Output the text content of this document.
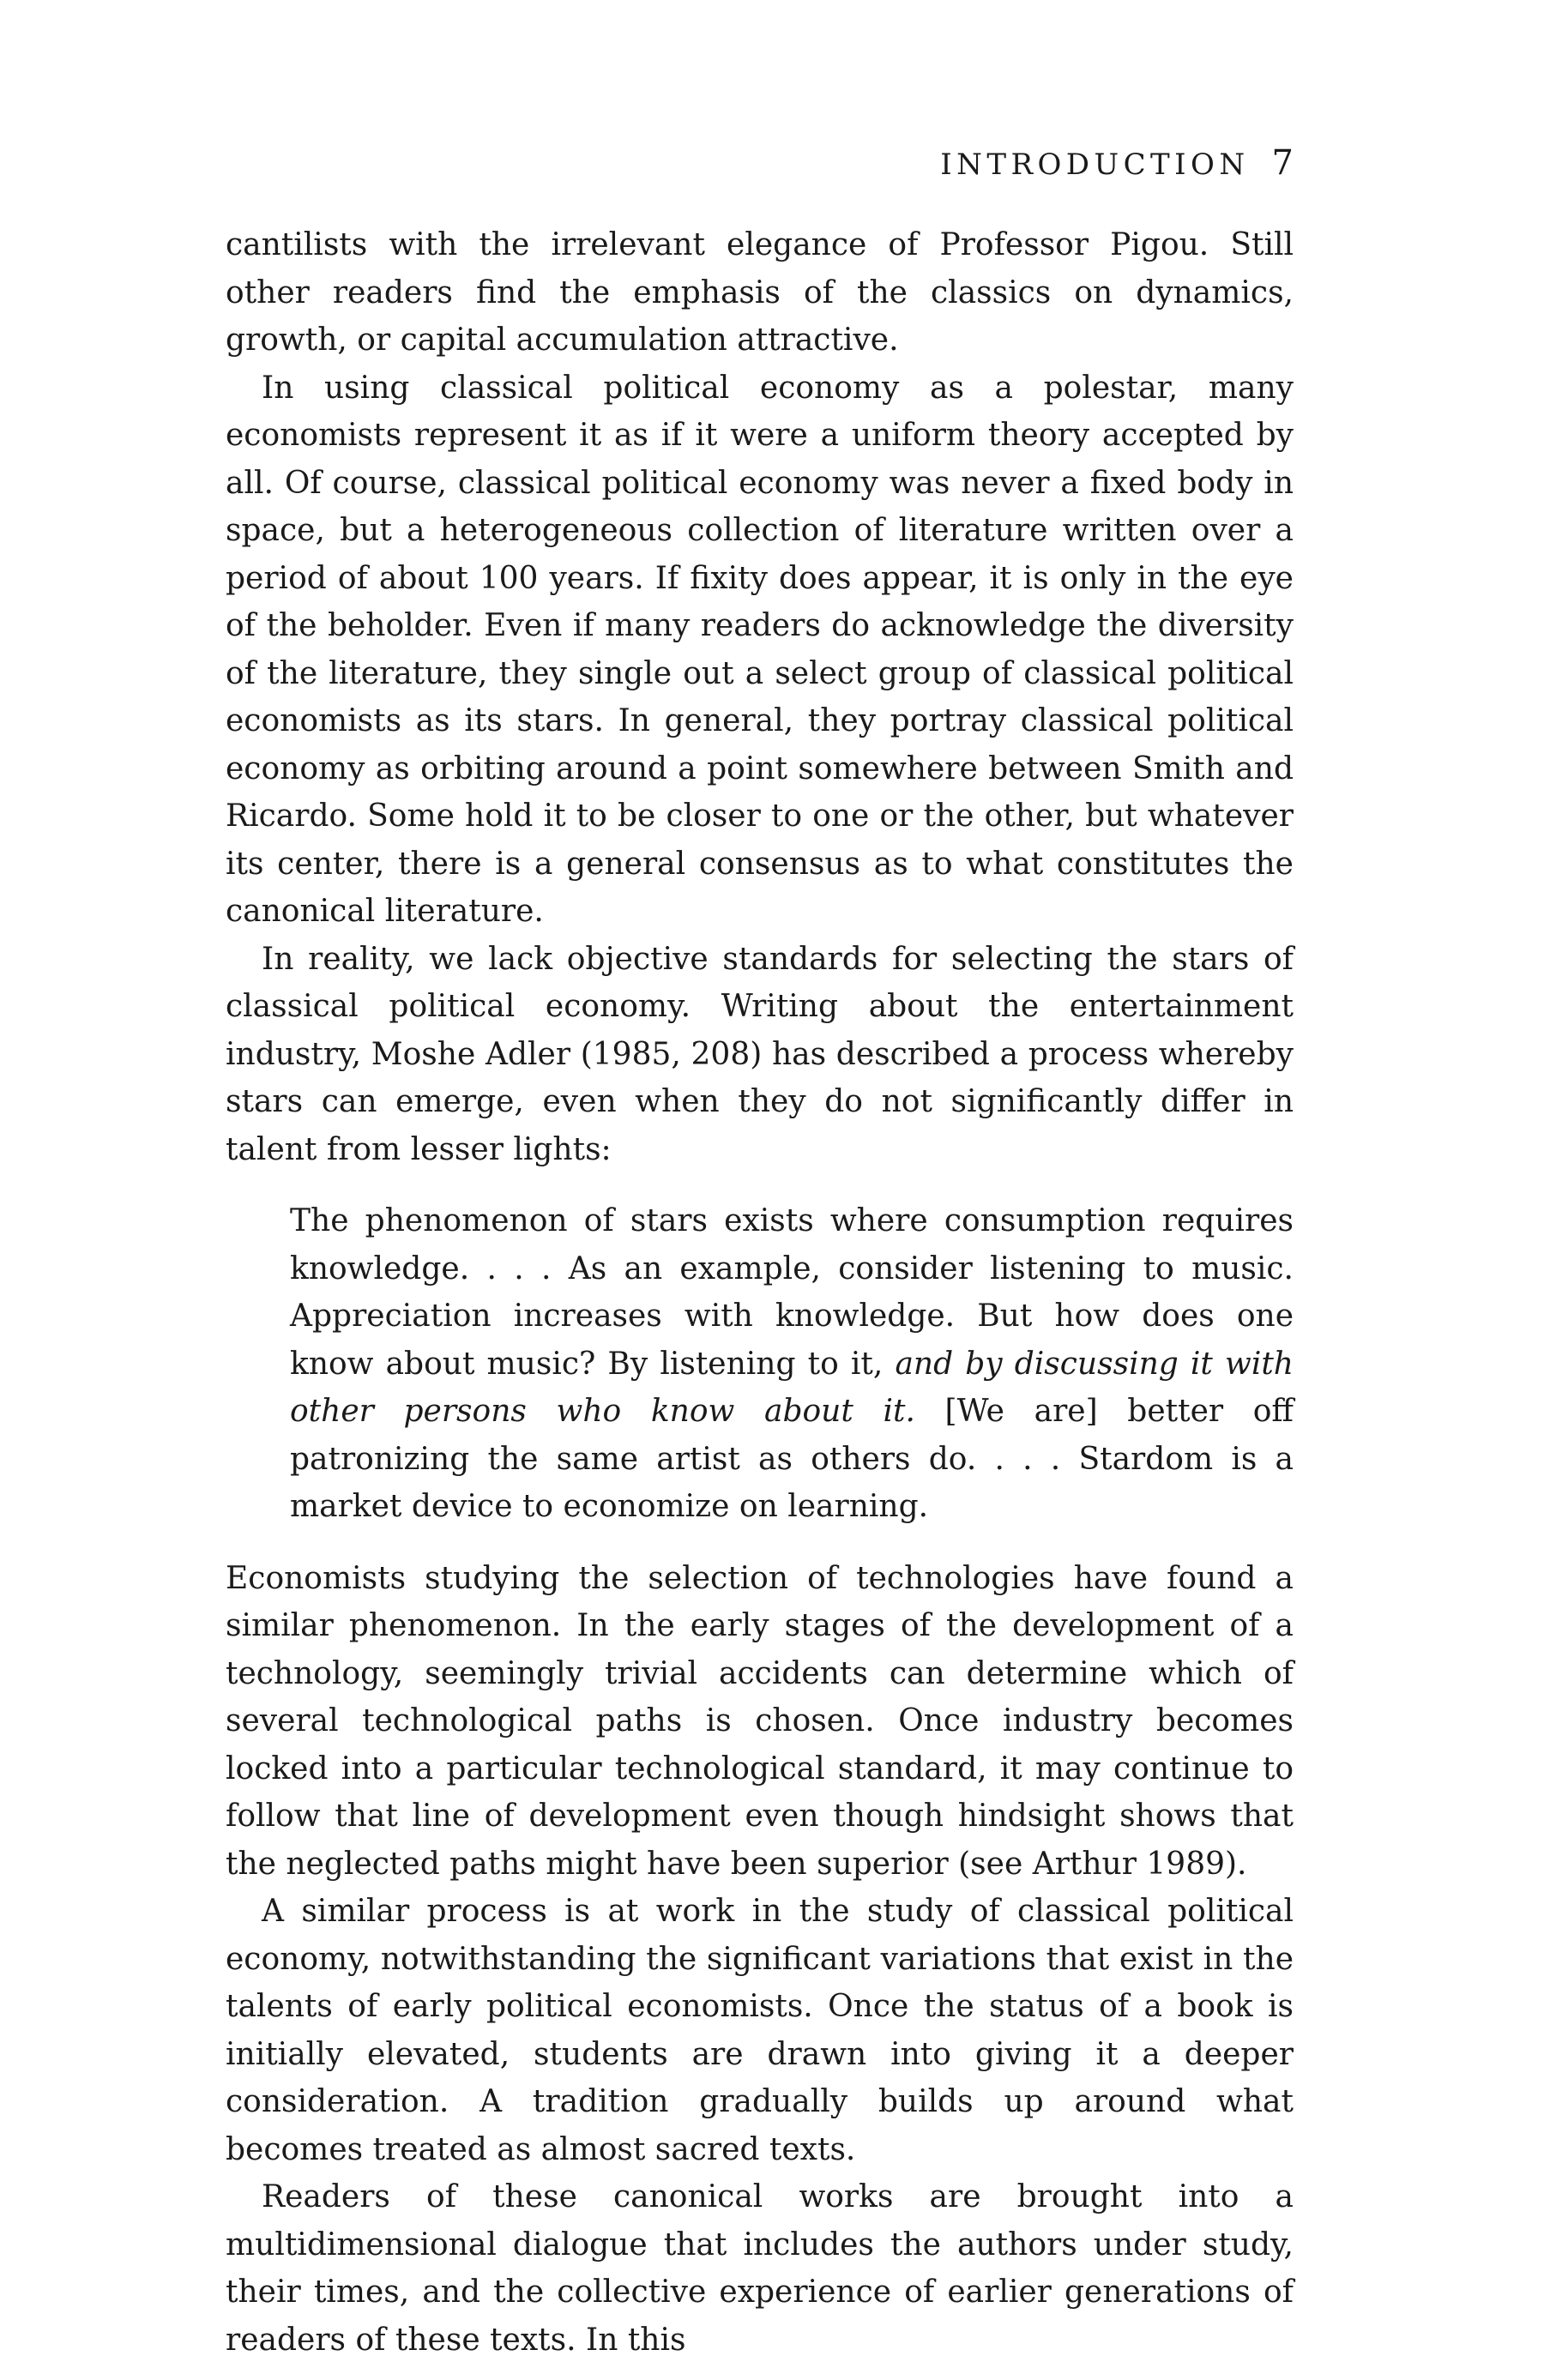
INTRODUCTION 7

cantilists with the irrelevant elegance of Professor Pigou. Still other readers find the emphasis of the classics on dynamics, growth, or capital accumulation attractive.

In using classical political economy as a polestar, many economists represent it as if it were a uniform theory accepted by all. Of course, classical political economy was never a fixed body in space, but a heterogeneous collection of literature written over a period of about 100 years. If fixity does appear, it is only in the eye of the beholder. Even if many readers do acknowledge the diversity of the literature, they single out a select group of classical political economists as its stars. In general, they portray classical political economy as orbiting around a point somewhere between Smith and Ricardo. Some hold it to be closer to one or the other, but whatever its center, there is a general consensus as to what constitutes the canonical literature.

In reality, we lack objective standards for selecting the stars of classical political economy. Writing about the entertainment industry, Moshe Adler (1985, 208) has described a process whereby stars can emerge, even when they do not significantly differ in talent from lesser lights:

The phenomenon of stars exists where consumption requires knowledge. . . . As an example, consider listening to music. Appreciation increases with knowledge. But how does one know about music? By listening to it, and by discussing it with other persons who know about it. [We are] better off patronizing the same artist as others do. . . . Stardom is a market device to economize on learning.

Economists studying the selection of technologies have found a similar phenomenon. In the early stages of the development of a technology, seemingly trivial accidents can determine which of several technological paths is chosen. Once industry becomes locked into a particular technological standard, it may continue to follow that line of development even though hindsight shows that the neglected paths might have been superior (see Arthur 1989).

A similar process is at work in the study of classical political economy, notwithstanding the significant variations that exist in the talents of early political economists. Once the status of a book is initially elevated, students are drawn into giving it a deeper consideration. A tradition gradually builds up around what becomes treated as almost sacred texts.

Readers of these canonical works are brought into a multidimensional dialogue that includes the authors under study, their times, and the collective experience of earlier generations of readers of these texts. In this
